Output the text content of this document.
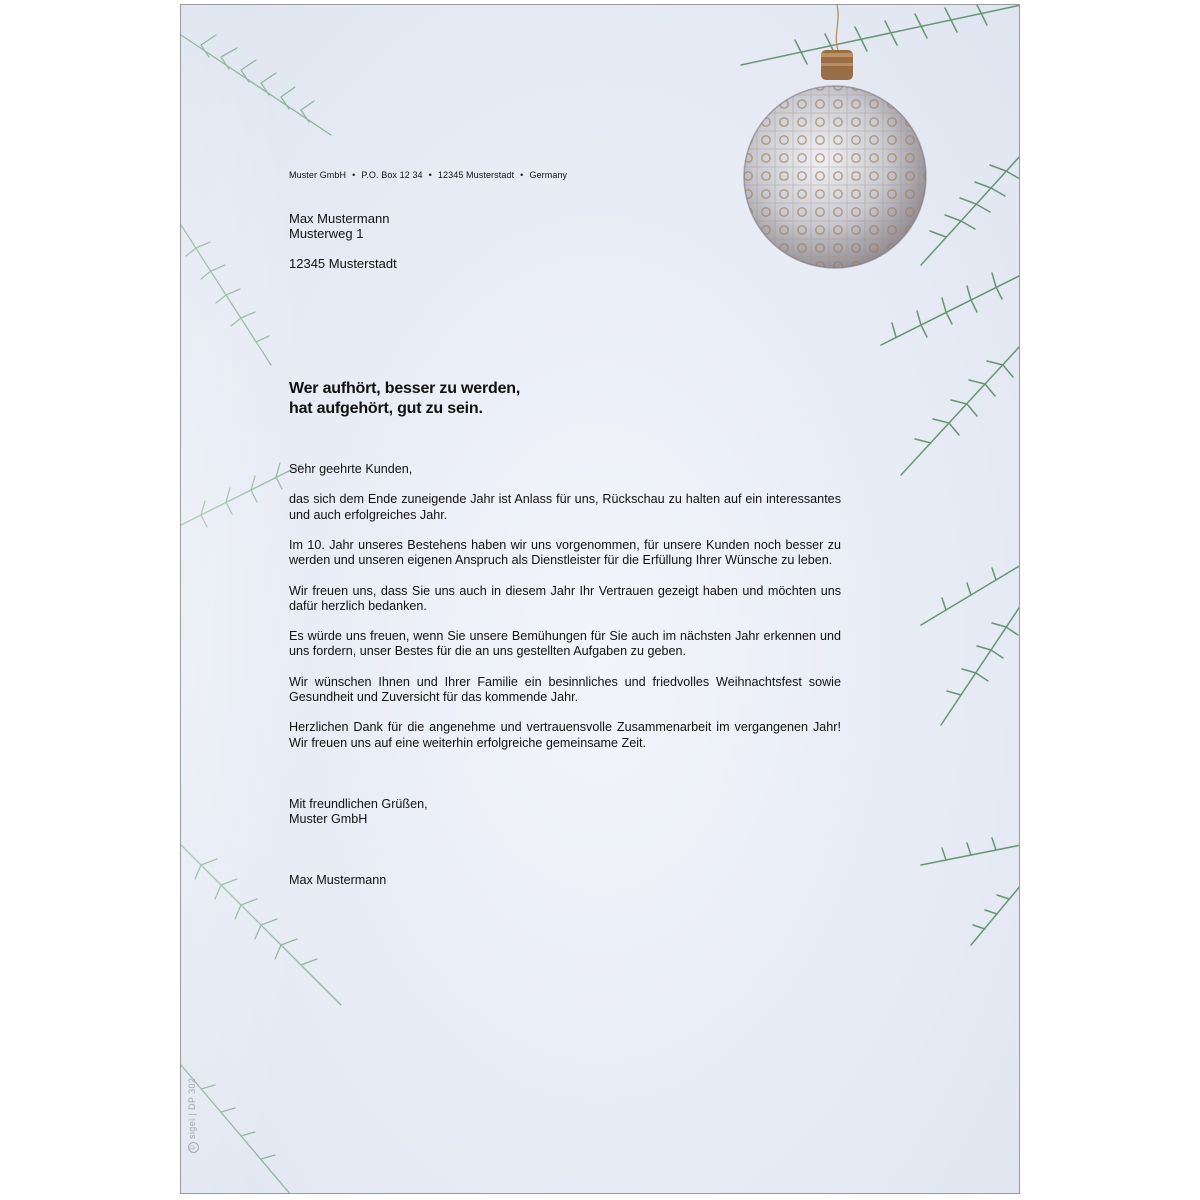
Muster GmbH • P.O. Box 12 34 • 12345 Musterstadt • Germany
Max Mustermann
Musterweg 1
12345 Musterstadt
Wer aufhört, besser zu werden,
hat aufgehört, gut zu sein.

Sehr geehrte Kunden,

das sich dem Ende zuneigende Jahr ist Anlass für uns, Rückschau zu halten auf ein interessantes und auch erfolgreiches Jahr.

Im 10. Jahr unseres Bestehens haben wir uns vorgenommen, für unsere Kunden noch besser zu werden und unseren eigenen Anspruch als Dienstleister für die Erfüllung Ihrer Wünsche zu leben.

Wir freuen uns, dass Sie uns auch in diesem Jahr Ihr Vertrauen gezeigt haben und möchten uns dafür herzlich bedanken.

Es würde uns freuen, wenn Sie unsere Bemühungen für Sie auch im nächsten Jahr erkennen und uns fordern, unser Bestes für die an uns gestellten Aufgaben zu geben.

Wir wünschen Ihnen und Ihrer Familie ein besinnliches und friedvolles Weihnachtsfest sowie Gesundheit und Zuversicht für das kommende Jahr.

Herzlichen Dank für die angenehme und vertrauensvolle Zusammenarbeit im vergangenen Jahr! Wir freuen uns auf eine weiterhin erfolgreiche gemeinsame Zeit.

Mit freundlichen Grüßen,
Muster GmbH
Max Mustermann
©sigel | DP 302
